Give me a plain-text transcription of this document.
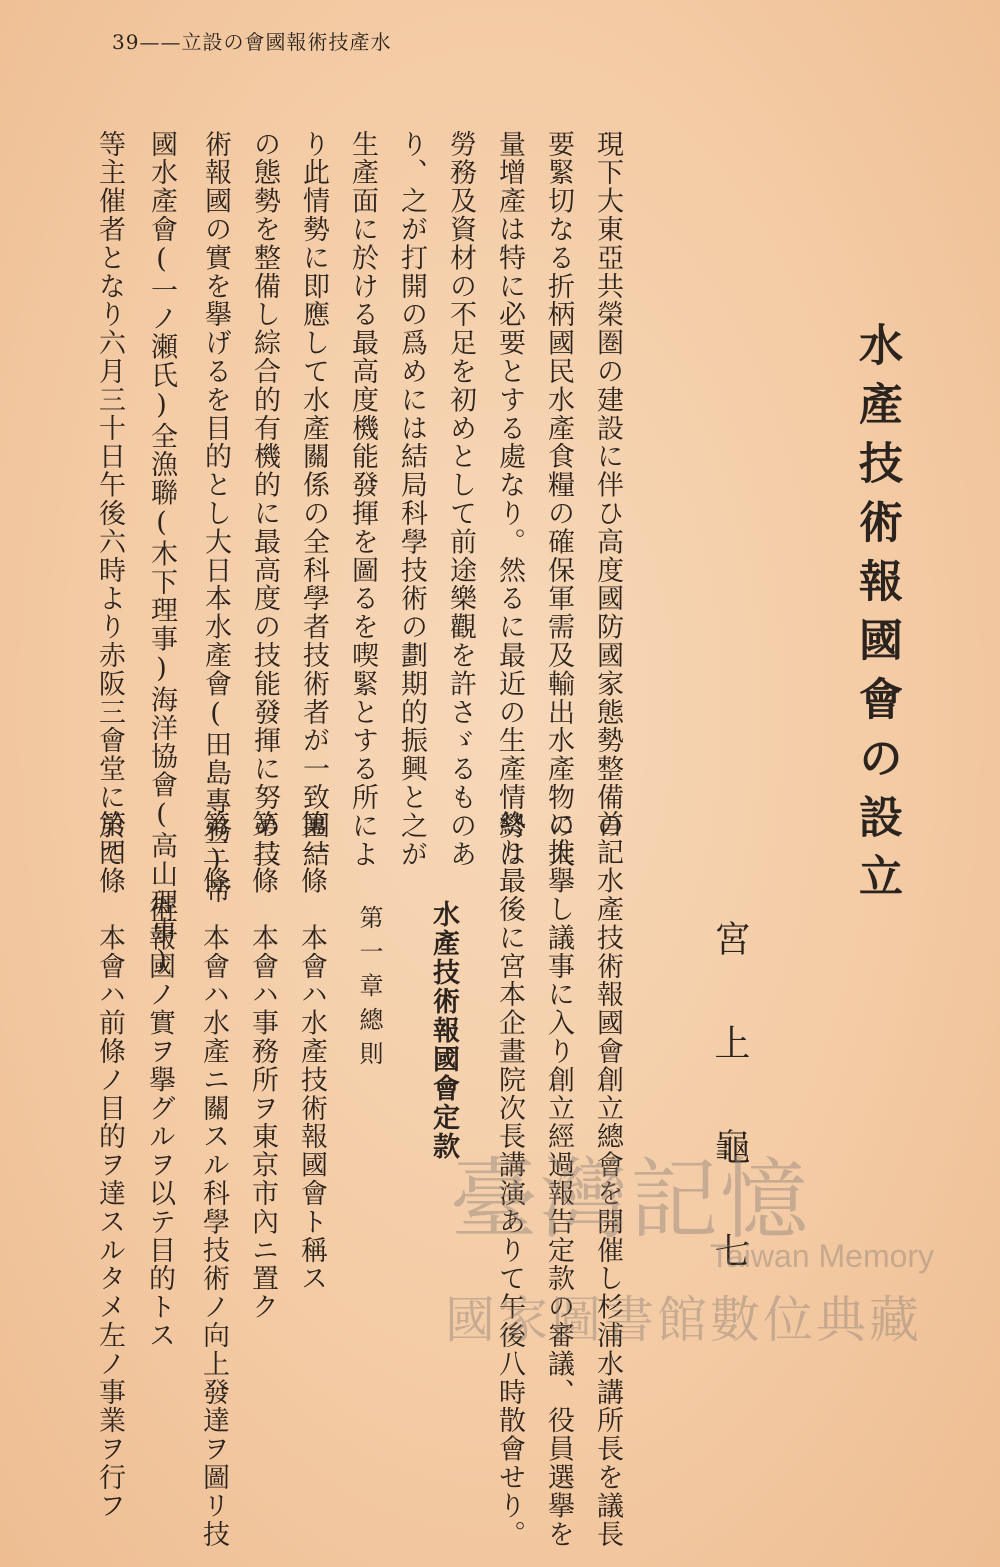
39——立設の會國報術技產水
水產技術報國會の設立
宮上龜七
現下大東亞共榮圏の建設に伴ひ高度國防國家態勢整備の
要緊切なる折柄國民水產食糧の確保軍需及輸出水產物の大
量增產は特に必要とする處なり。然るに最近の生產情勢は
勞務及資材の不足を初めとして前途樂觀を許さゞるものあ
り、之が打開の爲めには結局科學技術の劃期的振興と之が
生產面に於ける最高度機能發揮を圖るを喫緊とする所によ
り此情勢に即應して水產關係の全科學者技術者が一致團結
の態勢を整備し綜合的有機的に最高度の技能發揮に努め技
術報國の實を擧げるを目的とし大日本水產會(田島專務)帝
國水產會(一ノ瀬氏)全漁聯(木下理事)海洋協會(高山理事)
等主催者となり六月三十日午後六時より赤阪三會堂に於て
首記水產技術報國會創立總會を開催し杉浦水講所長を議長
に推擧し議事に入り創立經過報告定款の審議、役員選擧を
終り最後に宮本企畫院次長講演ありて午後八時散會せり。
水產技術報國會定款
第一章總則
第一條　本會ハ水產技術報國會ト稱ス
第二條　本會ハ事務所ヲ東京市內ニ置ク
第三條　本會ハ水產ニ關スル科學技術ノ向上發達ヲ圖リ技
　　　術報國ノ實ヲ擧グルヲ以テ目的トス
第四條　本會ハ前條ノ目的ヲ達スルタメ左ノ事業ヲ行フ	臺灣記憶
Taiwan Memory
國家圖書館數位典藏
